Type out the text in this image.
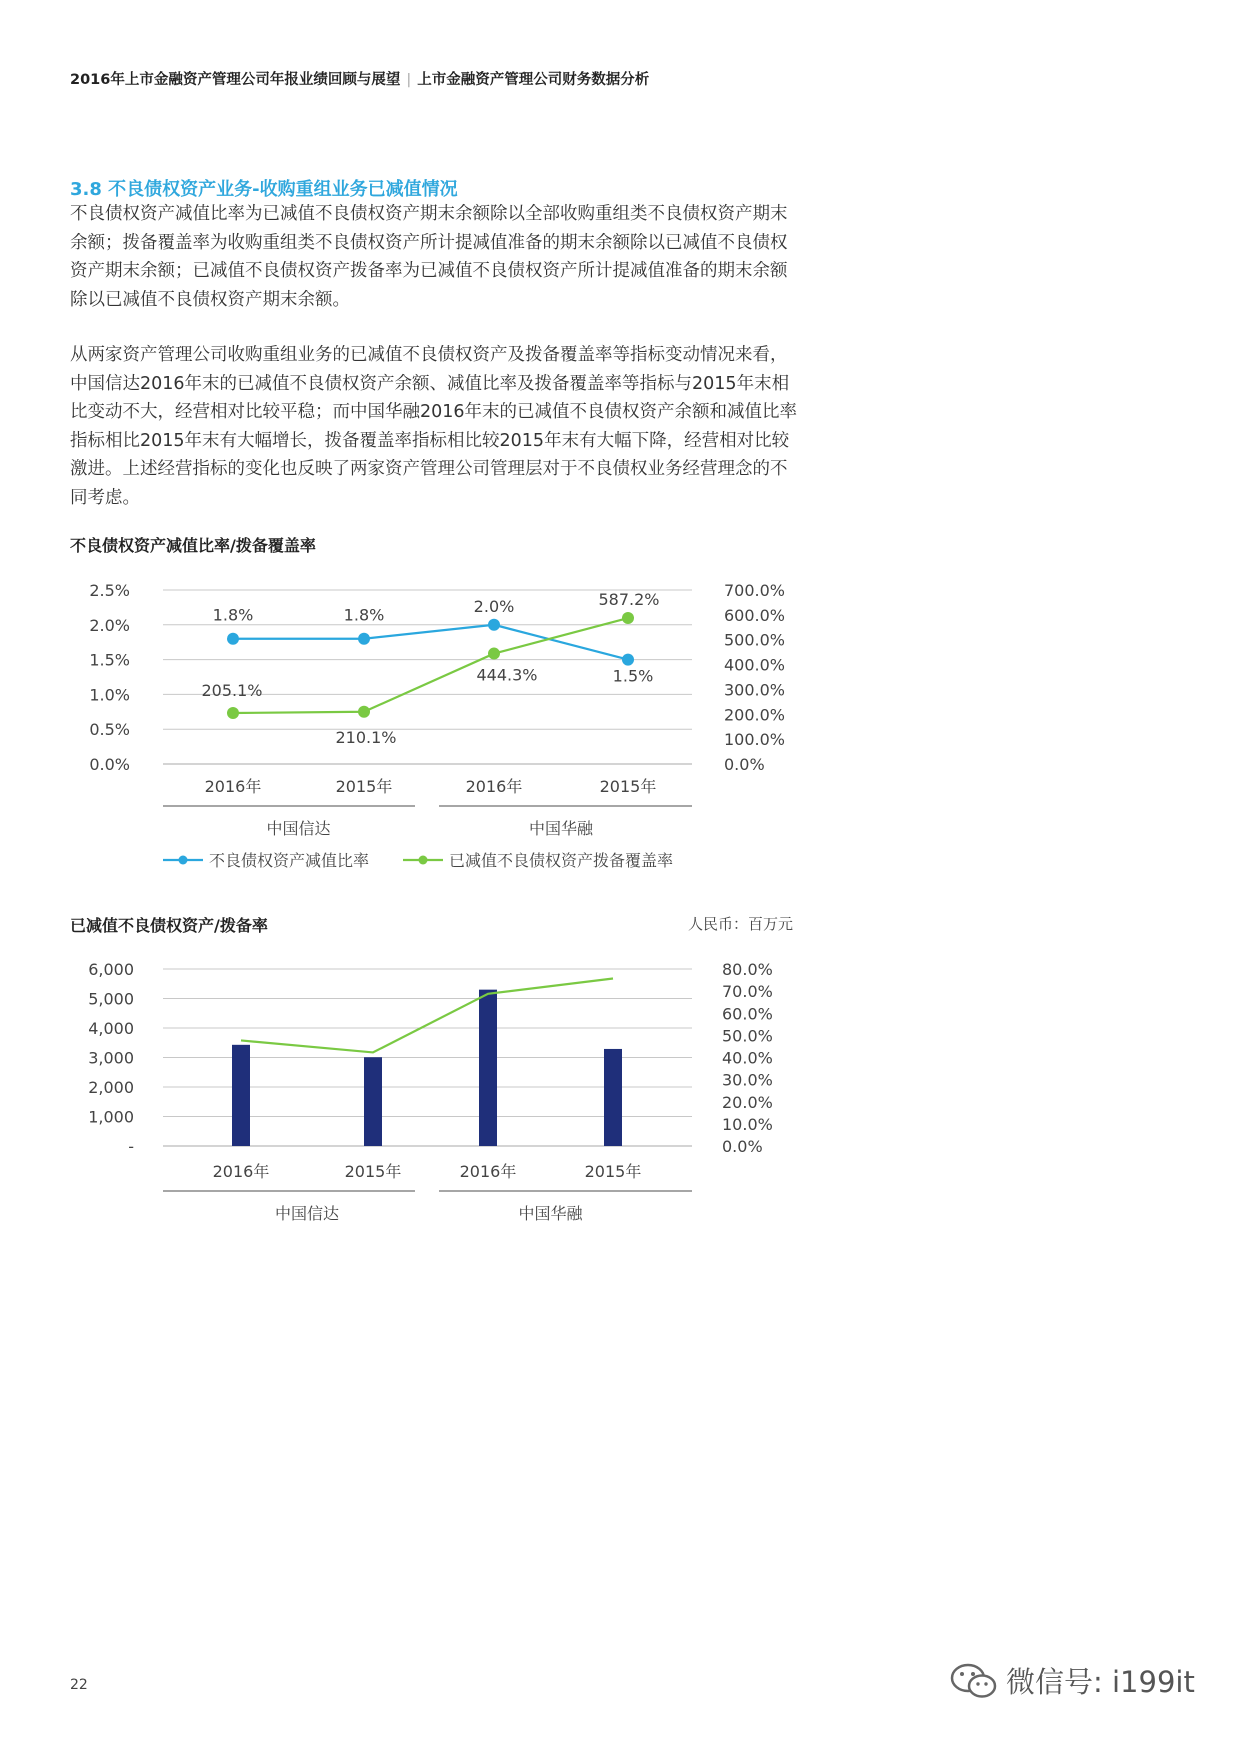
2016年上市金融资产管理公司年报业绩回顾与展望 | 上市金融资产管理公司财务数据分析
3.8 不良债权资产业务-收购重组业务已减值情况

不良债权资产减值比率为已减值不良债权资产期末余额除以全部收购重组类不良债权资产期末余额；拨备覆盖率为收购重组类不良债权资产所计提减值准备的期末余额除以已减值不良债权资产期末余额；已减值不良债权资产拨备率为已减值不良债权资产所计提减值准备的期末余额除以已减值不良债权资产期末余额。

从两家资产管理公司收购重组业务的已减值不良债权资产及拨备覆盖率等指标变动情况来看，中国信达2016年末的已减值不良债权资产余额、减值比率及拨备覆盖率等指标与2015年末相比变动不大，经营相对比较平稳；而中国华融2016年末的已减值不良债权资产余额和减值比率指标相比2015年末有大幅增长，拨备覆盖率指标相比较2015年末有大幅下降，经营相对比较激进。上述经营指标的变化也反映了两家资产管理公司管理层对于不良债权业务经营理念的不同考虑。

不良债权资产减值比率/拨备覆盖率
2.5%
2.0%
1.5%
1.0%
0.5%
0.0%
700.0%
600.0%
500.0%
400.0%
300.0%
200.0%
100.0%
0.0%
2016年	2015年	2016年	2015年
中国信达	中国华融
1.8%	1.8%	2.0%
1.5%
205.1%
210.1%
444.3%
587.2%
不良债权资产减值比率	已减值不良债权资产拨备覆盖率
已减值不良债权资产/拨备率	人民币：百万元
6,000
5,000
4,000
3,000
2,000
1,000
-
80.0%
70.0%
60.0%
50.0%
40.0%
30.0%
20.0%
10.0%
0.0%
2016年	2015年	2016年	2015年
中国信达	中国华融
22	微信号: i199it
